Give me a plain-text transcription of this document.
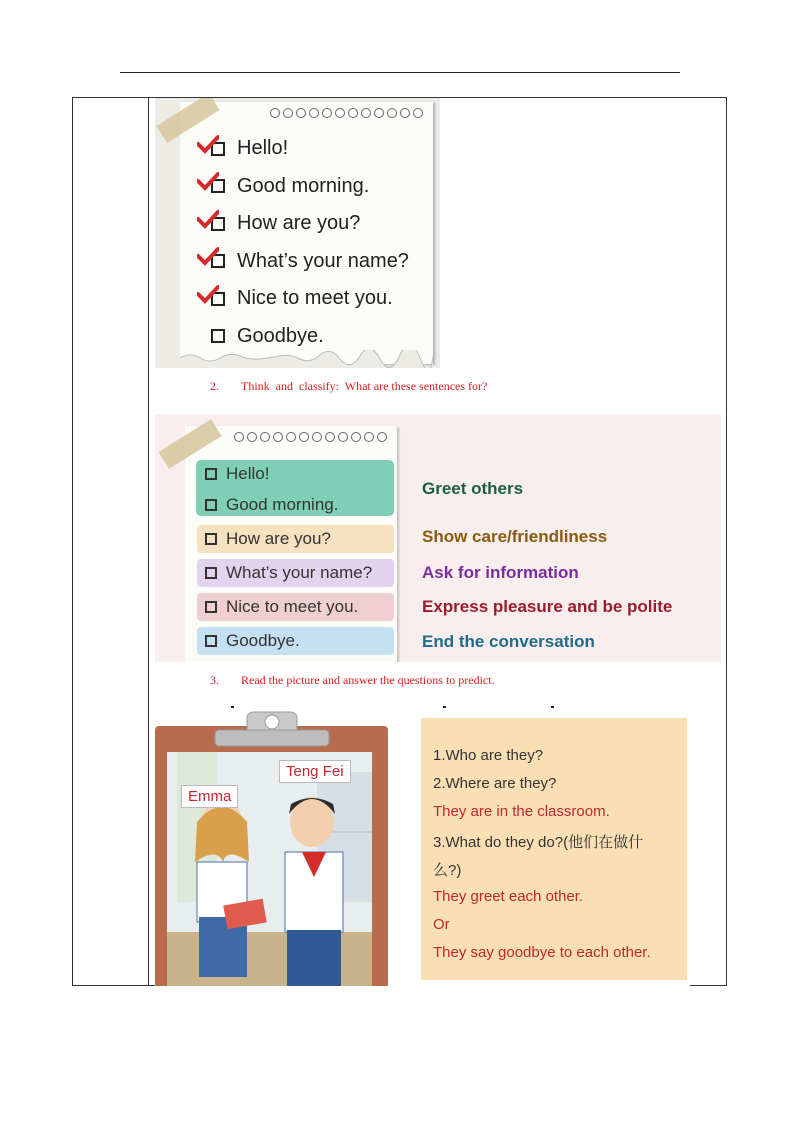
Hello!
Good morning.
How are you?
What’s your name?
Nice to meet you.
Goodbye.
2. Think  and  classify:  What are these sentences for?
Hello!
Good morning.
How are you?
What’s your name?
Nice to meet you.
Goodbye.
Greet others
Show care/friendliness
Ask for information
Express pleasure and be polite
End the conversation
3. Read the picture and answer the questions to predict.
Emma
Teng Fei
1.Who are they?
2.Where are they?
They are in the classroom.
3.What do they do?(他们在做什
么?)
They greet each other.
Or
They say goodbye to each other.
